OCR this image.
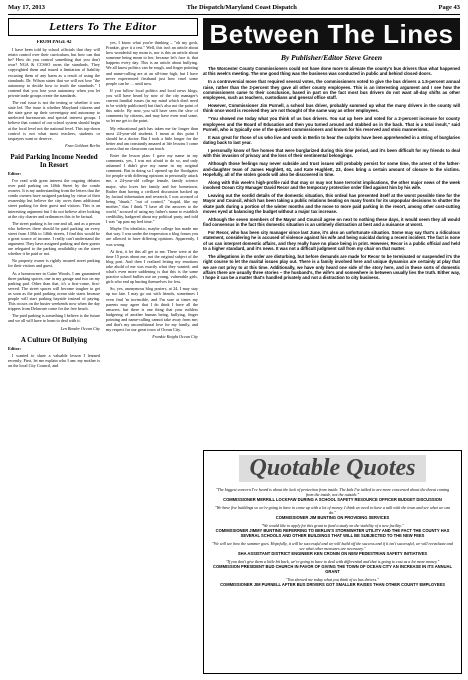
May 17, 2013	The Dispatch/Maryland Coast Dispatch	Page 43
Letters To The Editor

FROM PAGE 42

I have been told by school officials that they will retain control over their curriculum, but how can that be? How do you control something that you don't own? NGA & CCSSO owns the standards. They copyrighted them and issued a limitation of liability excusing them of any harm as a result of using the standards. Dr. Wilson states that we will not lose "the autonomy to decide how to teach the standards." I contend that you lose your autonomy when you let private trade groups create the standards.

The real issue is not the testing or whether it was state led. The issue is whether Maryland citizens and the state gave up their sovereignty and autonomy to unelected bureaucrats and special interest groups. I believe that control of our school system should begin at the local level not the national level. This top-down control is not what most teachers, students or taxpayers want or deserve.

Fran Gebhart Berlin

Paid Parking Income Needed In Resort

Editor:

I've read with great interest the ongoing debates over paid parking on 146th Street by the condo owners. It is my understanding from the letters that the condo owners have assigned parking by virtue of their ownership but believe the city owes them additional street parking for their guest and visitors. This is an interesting argument but I do not believe after looking at the city charter and ordinances this to be factual.

The street parking is for one and all, and as a person who believes there should be paid parking on every street from 130th to 146th streets, I find this would be a great source of income. I really can't understand the argument. They have assigned parking and their guests are relegated to the parking availability on the street whether it be paid or not.

No property owner is rightly assured street parking for their visitors and guest.

As a homeowner in Caine Woods, I am guaranteed three parking spaces, one in my garage and two on my parking pad. Other than that, it's a first-come, first-served. The street spaces will become tougher to get as soon as the paid parking ocean side starts because people will start parking bayside instead of paying. This occurs on the busier weekends now when the day trippers from Delaware come for the free beach.

The paid parking is something I believe is the future and we all will have to learn to deal with it.

Len Bender Ocean City

A Culture Of Bullying

Editor:

I wanted to share a valuable lesson I learned recently. First, let me explain who I am: my mother is on the local City Council, and

yes, I know what you're thinking – "oh my gosh, Frankie, give it a rest." Well, this isn't an article about how wonderful my mom is, nor is this an article about someone being mean to her, because let's face it; that happens every day. This is an article about bullying. We all know politics can be rough, and finger pointing and name-calling are at an all-time high, but I have never experienced firsthand just how cruel some people can be … until now.

If you follow local politics and local news blogs, you will have heard by now of the city manager's current familial issues (in my mind which don't need to be widely publicized) but that's also not the point of this article. By now, you will have seen the slew of comments by citizens, and may have even read some, so let me get to the point.

My educational path has taken me far longer than most 24-year-old students. I mean at this point I should be a doctor. But I took a little longer for the better and am constantly amazed at life lessons I come across that no classroom can teach.

Enter the lesson plan: I gave my name in my comments, yes, I was not afraid to do so, and only ashamed I didn't give my name in my original comment. But in doing so I opened up the floodgates for people with differing opinions to personally attack me, a 24-year-old college female, family science major, who loves her family and her hometown. Rather than having a civilized discussion backed up by factual information and research, I was accused of being "drunk," "out of control," "stupid, like my mother," that I think "I have all the answers to the world," accused of using my father's name to establish credibility, badgered about my political party, and told I was "up past my bed time."

Maybe I'm idealistic; maybe college has made me that way. I was under the impression a blog forum you are allowed to have differing opinions. Apparently, I was wrong.

At first, it let this all get to me. There were at the time 15 posts about me, not the original subject of the blog post. And then I realized letting my emotions take ahold of me was exactly what they wanted, and what's even more saddening is that this is the same practice school bullies use on young, vulnerable girls, girls who end up hurting themselves for less.

So, yes, anonymous blog posters, at 24, I may stay up too late. I may go out with friends, sometimes I even find 'm invincible, and I'm sure at times my parents may agree that I do think I have all the answers, but there is one thing that your ruthless badgering of another human being, bullying, finger pointing and name-calling cannot take away from me; and that's my unconditional love for my family, and my respect for our great town of Ocean City.

Frankie Knight Ocean City

Between The Lines
By Publisher/Editor Steve Green

The Worcester County Commissioners could not have done more to alienate the county's bus drivers than what happened at this week's meeting. The one good thing was the business was conducted in public and behind closed doors.

In a controversial move that required several votes, the commissioners voted to give the bus drivers a 1.5-percent annual raise, rather than the 2-percent they gave all other county employees. This is an interesting argument and I see how the commissioners came to their conclusion, based in part on the fact most bus drivers do not want all-day shifts as other employees, such as teachers, custodians and general office staff.

However, Commissioner Jim Purnell, a school bus driver, probably summed up what the many drivers in the county will think once word is received they are not thought of the same way as other employees.

"You showed me today what you think of us bus drivers. You sat up here and voted for a 2-percent increase for county employees and the Board of Education and then you turned around and stabbed us in the back. That is a total insult," said Purnell, who is typically one of the quietest commissioners and known for his reserved and stoic mannerisms.

It was great for those of us who live and work in Berlin to hear the culprits have been apprehended in a string of burglaries dating back to last year.

I personally know of five homes that were burglarized during this time period, and it's been difficult for my friends to deal with this invasion of privacy and the loss of their sentimental belongings.

Although those feelings may never subside and trust issues will probably persist for some time, the arrest of the father-and-daughter team of James Hughlett, 61, and Kate Hughlett, 23, does bring a certain amount of closure to the victims. Hopefully, all of the stolen goods will also be discovered in time.

Along with this week's high-profile raid that may or may not have terrorist implications, the other major news of the week involved Ocean City Manager David Recor and the temporary protective order filed against him by his wife.

Leaving out the sordid details of the domestic situation, this ordeal has presented itself at the worst possible time for the Mayor and Council, which has been taking a public relations beating on many fronts for its unpopular decisions to shutter the skate park during a portion of the winter months and the move to more paid parking in the resort, among other cost-cutting moves eyed at balancing the budget without a major tax increase.

Although the seven members of the Mayor and Council agree on next to nothing these days, it would seem they all would find consensus in the fact this domestic situation is an untimely distraction at best and a nuisance at worst.

For Recor, who has been city manager since last June, it's also an unfortunate situation. Some may say that's a ridiculous statement, considering he is accused of violence against his wife and being suicidal during a recent incident. The fact is none of us can interpret domestic affairs, and they really have no place being in print. However, Recor is a public official and held to a higher standard, and it's news. It was not a difficult judgment call from my chair on that matter.

The allegations in the order are disturbing, but before demands are made for Recor to be terminated or suspended it's the right course to let the marital issues play out. There is a family involved here and unique dynamics are certainly at play that we are not privy to at this time. Additionally, we have only heard one side of the story here, and in these sorts of domestic affairs there are usually three stories – the husband's, the wife's and somewhere in between usually lies the truth. Either way, I hope it can be a matter that's handled privately and not a distraction to city business.

Quotable Quotes
"The biggest concern I've heard is about the lack of protection from inside. The kids I've talked to are more concerned about the threat coming from the inside, not the outside."
COMMISSIONER MERRILL LOCKFAW DURING A SCHOOL SAFETY RESOURCE OFFICER BUDGET DISCUSSION
"We have five buildings so we're going to have to come up with a lot of money. I think we need to have a talk with the town and see what we can do."
COMMISSIONER JIM BUNTING ON PROVIDING SERVICES
"We would like to apply for this grant to fund a study on the viability of a new facility."
COMMISSIONER JIMMY BUNTING REFERRING TO BERLIN'S STORMWATER UTILITY AND THE FACT THE COUNTY HAS SEVERAL SCHOOLS AND OTHER BUILDINGS THAT WILL BE SUBJECTED TO THE NEW FEES
"We will see how the summer goes. Hopefully, it will be successful and we will build off the success and if it isn't successful, we will reevaluate and see what other measures are necessary."
SHA ASSISTANT DISTRICT ENGINEER KEN CRONIN ON NEW PEDESTRIAN SAFETY INITIATIVES
"If you don't give them a little bit back, we're going to have to deal with differential and that is going to cost us a lot more money."
COMMISSION PRESIDENT BUD CHURCH IN FAVOR OF GIVING THE TOWN OF OCEAN CITY AN INCREASE IN ITS ANNUAL GRANT
"You showed me today what you think of us bus drivers."
COMMISSIONER JIM PURNELL AFTER BUS DRIVERS GOT SMALLER RAISES THAN OTHER COUNTY EMPLOYEES
